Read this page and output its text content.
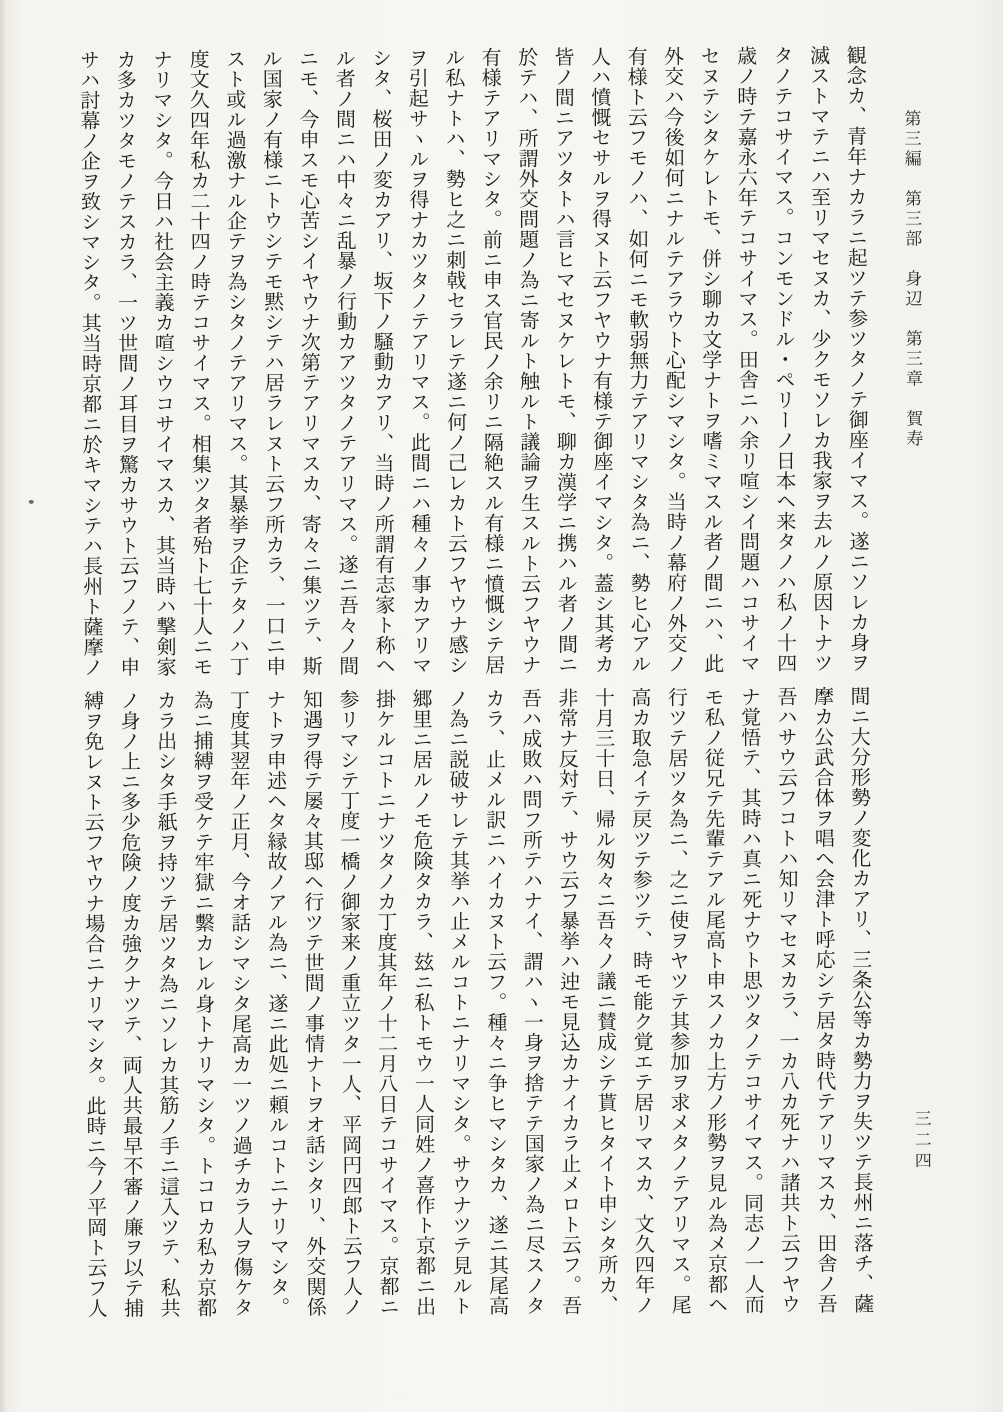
第三編　第三部　身辺　第三章　賀寿
観念カ、青年ナカラニ起ツテ参ツタノテ御座イマス。遂ニソレカ身ヲ
滅ストマテニハ至リマセヌカ、少クモソレカ我家ヲ去ルノ原因トナツ
タノテコサイマス。コンモンドル・ペリーノ日本ヘ来タノハ私ノ十四
歳ノ時テ嘉永六年テコサイマス。田舎ニハ余リ喧シイ問題ハコサイマ
セヌテシタケレトモ、併シ聊カ文学ナトヲ嗜ミマスル者ノ間ニハ、此
外交ハ今後如何ニナルテアラウト心配シマシタ。当時ノ幕府ノ外交ノ
有様ト云フモノハ、如何ニモ軟弱無力テアリマシタ為ニ、勢ヒ心アル
人ハ憤慨セサルヲ得ヌト云フヤウナ有様テ御座イマシタ。蓋シ其考カ
皆ノ間ニアツタトハ言ヒマセヌケレトモ、聊カ漢学ニ携ハル者ノ間ニ
於テハ、所謂外交問題ノ為ニ寄ルト触ルト議論ヲ生スルト云フヤウナ
有様テアリマシタ。前ニ申ス官民ノ余リニ隔絶スル有様ニ憤慨シテ居
ル私ナトハ、勢ヒ之ニ刺戟セラレテ遂ニ何ノ己レカト云フヤウナ感シ
ヲ引起サヽルヲ得ナカツタノテアリマス。此間ニハ種々ノ事カアリマ
シタ、桜田ノ変カアリ、坂下ノ騒動カアリ、当時ノ所謂有志家ト称ヘ
ル者ノ間ニハ中々ニ乱暴ノ行動カアツタノテアリマス。遂ニ吾々ノ間
ニモ、今申スモ心苦シイヤウナ次第テアリマスカ、寄々ニ集ツテ、斯
ル国家ノ有様ニトウシテモ黙シテハ居ラレヌト云フ所カラ、一口ニ申
スト或ル過激ナル企テヲ為シタノテアリマス。其暴挙ヲ企テタノハ丁
度文久四年私カ二十四ノ時テコサイマス。相集ツタ者殆ト七十人ニモ
ナリマシタ。今日ハ社会主義カ喧シウコサイマスカ、其当時ハ撃剣家
カ多カツタモノテスカラ、一ツ世間ノ耳目ヲ驚カサウト云フノテ、申
サハ討幕ノ企ヲ致シマシタ。其当時京都ニ於キマシテハ長州ト薩摩ノ
間ニ大分形勢ノ変化カアリ、三条公等カ勢力ヲ失ツテ長州ニ落チ、薩
摩カ公武合体ヲ唱ヘ会津ト呼応シテ居タ時代テアリマスカ、田舎ノ吾
吾ハサウ云フコトハ知リマセヌカラ、一カ八カ死ナハ諸共ト云フヤウ
ナ覚悟テ、其時ハ真ニ死ナウト思ツタノテコサイマス。同志ノ一人而
モ私ノ従兄テ先輩テアル尾高ト申スノカ上方ノ形勢ヲ見ル為メ京都ヘ
行ツテ居ツタ為ニ、之ニ使ヲヤツテ其参加ヲ求メタノテアリマス。尾
高カ取急イテ戻ツテ参ツテ、時モ能ク覚エテ居リマスカ、文久四年ノ
十月三十日、帰ル匆々ニ吾々ノ議ニ賛成シテ貰ヒタイト申シタ所カ、
非常ナ反対テ、サウ云フ暴挙ハ迚モ見込カナイカラ止メロト云フ。吾
吾ハ成敗ハ問フ所テハナイ、謂ハヽ一身ヲ捨テテ国家ノ為ニ尽スノタ
カラ、止メル訳ニハイカヌト云フ。種々ニ争ヒマシタカ、遂ニ其尾高
ノ為ニ説破サレテ其挙ハ止メルコトニナリマシタ。サウナツテ見ルト
郷里ニ居ルノモ危険タカラ、玆ニ私トモウ一人同姓ノ喜作ト京都ニ出
掛ケルコトニナツタノカ丁度其年ノ十二月八日テコサイマス。京都ニ
参リマシテ丁度一橋ノ御家来ノ重立ツタ一人、平岡円四郎ト云フ人ノ
知遇ヲ得テ屡々其邸ヘ行ツテ世間ノ事情ナトヲオ話シタリ、外交関係
ナトヲ申述ヘタ縁故ノアル為ニ、遂ニ此処ニ頼ルコトニナリマシタ。
丁度其翌年ノ正月、今オ話シマシタ尾高カ一ツノ過チカラ人ヲ傷ケタ
為ニ捕縛ヲ受ケテ牢獄ニ繫カレル身トナリマシタ。トコロカ私カ京都
カラ出シタ手紙ヲ持ツテ居ツタ為ニソレカ其筋ノ手ニ這入ツテ、私共
ノ身ノ上ニ多少危険ノ度カ強クナツテ、両人共最早不審ノ廉ヲ以テ捕
縛ヲ免レヌト云フヤウナ場合ニナリマシタ。此時ニ今ノ平岡ト云フ人	三二四
